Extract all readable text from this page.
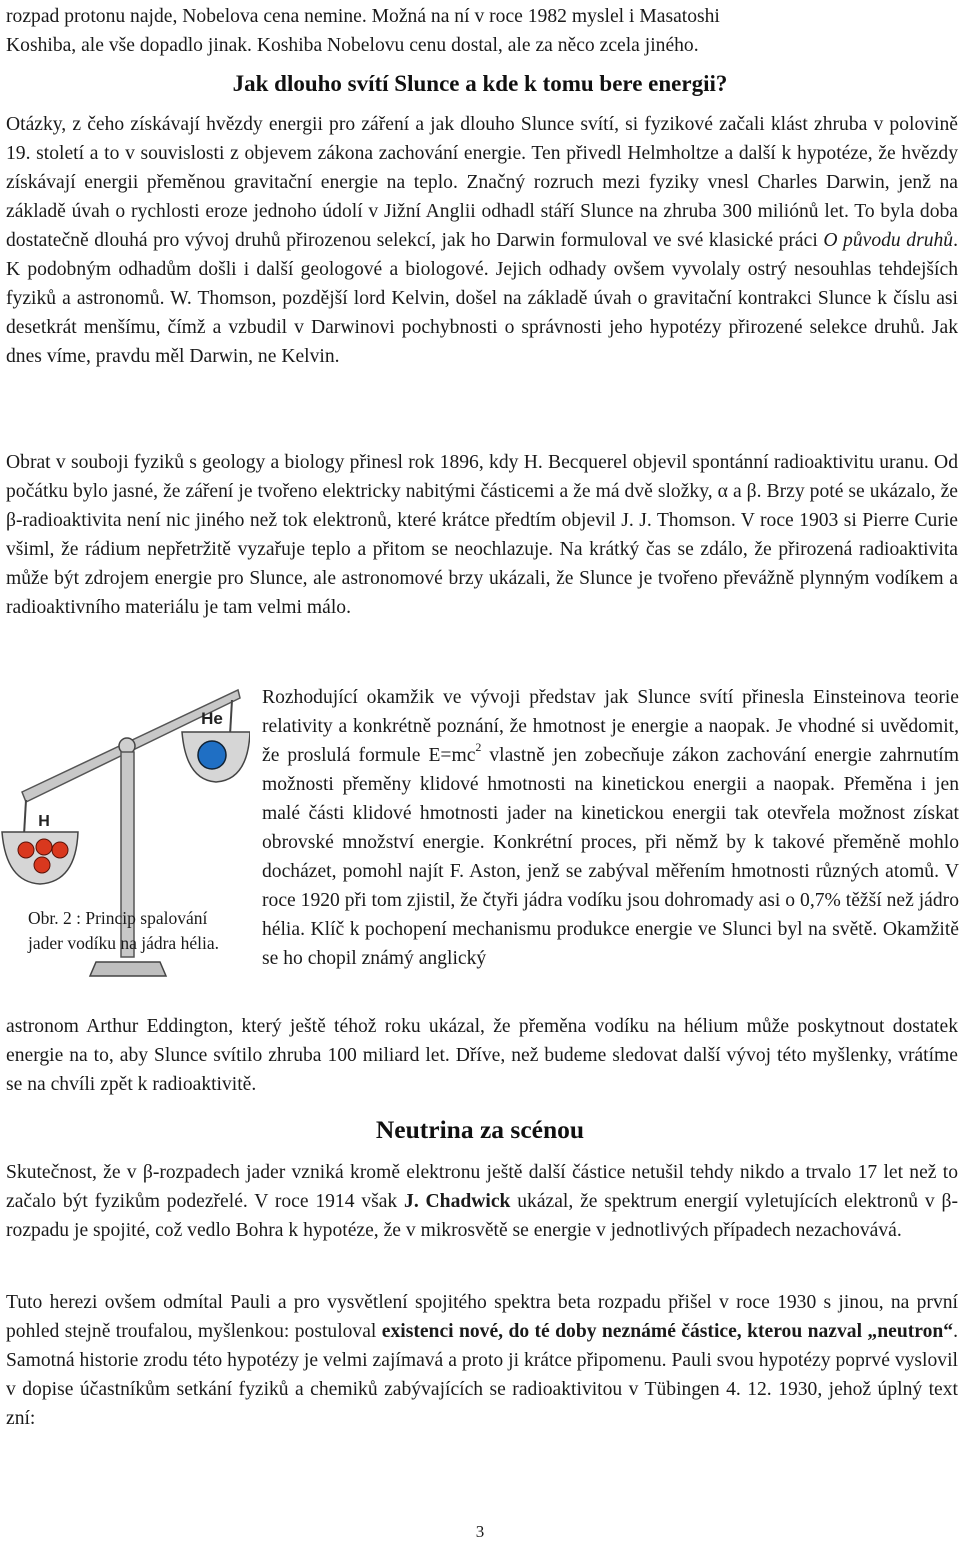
rozpad protonu najde, Nobelova cena nemine. Možná na ní v roce 1982 myslel i Masatoshi

Koshiba, ale vše dopadlo jinak. Koshiba Nobelovu cenu dostal, ale za něco zcela jiného.

Jak dlouho svítí Slunce a kde k tomu bere energii?

Otázky, z čeho získávají hvězdy energii pro záření a jak dlouho Slunce svítí, si fyzikové začali klást zhruba v polovině 19. století a to v souvislosti z objevem zákona zachování energie. Ten přivedl Helmholtze a další k hypotéze, že hvězdy získávají energii přeměnou gravitační energie na teplo. Značný rozruch mezi fyziky vnesl Charles Darwin, jenž na základě úvah o rychlosti eroze jednoho údolí v Jižní Anglii odhadl stáří Slunce na zhruba 300 miliónů let. To byla doba dostatečně dlouhá pro vývoj druhů přirozenou selekcí, jak ho Darwin formuloval ve své klasické práci O původu druhů. K podobným odhadům došli i další geologové a biologové. Jejich odhady ovšem vyvolaly ostrý nesouhlas tehdejších fyziků a astronomů. W. Thomson, pozdější lord Kelvin, došel na základě úvah o gravitační kontrakci Slunce k číslu asi desetkrát menšímu, čímž a vzbudil v Darwinovi pochybnosti o správnosti jeho hypotézy přirozené selekce druhů. Jak dnes víme, pravdu měl Darwin, ne Kelvin.

Obrat v souboji fyziků s geology a biology přinesl rok 1896, kdy H. Becquerel objevil spontánní radioaktivitu uranu. Od počátku bylo jasné, že záření je tvořeno elektricky nabitými částicemi a že má dvě složky, α a β. Brzy poté se ukázalo, že β-radioaktivita není nic jiného než tok elektronů, které krátce předtím objevil J. J. Thomson. V roce 1903 si Pierre Curie všiml, že rádium nepřetržitě vyzařuje teplo a přitom se neochlazuje. Na krátký čas se zdálo, že přirozená radioaktivita může být zdrojem energie pro Slunce, ale astronomové brzy ukázali, že Slunce je tvořeno převážně plynným vodíkem a radioaktivního materiálu je tam velmi málo.

He
H
Obr. 2 : Princip spalování jader vodíku na jádra hélia.

Rozhodující okamžik ve vývoji představ jak Slunce svítí přinesla Einsteinova teorie relativity a konkrétně poznání, že hmotnost je energie a naopak. Je vhodné si uvědomit, že proslulá formule $E=mc^2$ vlastně jen zobecňuje zákon zachování energie zahrnutím možnosti přeměny klidové hmotnosti na kinetickou energii a naopak. Přeměna i jen malé části klidové hmotnosti jader na kinetickou energii tak otevřela možnost získat obrovské množství energie. Konkrétní proces, při němž by k takové přeměně mohlo docházet, pomohl najít F. Aston, jenž se zabýval měřením hmotnosti různých atomů. V roce 1920 při tom zjistil, že čtyři jádra vodíku jsou dohromady asi o 0,7% těžší než jádro hélia. Klíč k pochopení mechanismu produkce energie ve Slunci byl na světě. Okamžitě se ho chopil známý anglický

astronom Arthur Eddington, který ještě téhož roku ukázal, že přeměna vodíku na hélium může poskytnout dostatek energie na to, aby Slunce svítilo zhruba 100 miliard let. Dříve, než budeme sledovat další vývoj této myšlenky, vrátíme se na chvíli zpět k radioaktivitě.

Neutrina za scénou

Skutečnost, že v β-rozpadech jader vzniká kromě elektronu ještě další částice netušil tehdy nikdo a trvalo 17 let než to začalo být fyzikům podezřelé. V roce 1914 však J. Chadwick ukázal, že spektrum energií vyletujících elektronů v β-rozpadu je spojité, což vedlo Bohra k hypotéze, že v mikrosvětě se energie v jednotlivých případech nezachovává.

Tuto herezi ovšem odmítal Pauli a pro vysvětlení spojitého spektra beta rozpadu přišel v roce 1930 s jinou, na první pohled stejně troufalou, myšlenkou: postuloval existenci nové, do té doby neznámé částice, kterou nazval „neutron“. Samotná historie zrodu této hypotézy je velmi zajímavá a proto ji krátce připomenu. Pauli svou hypotézy poprvé vyslovil v dopise účastníkům setkání fyziků a chemiků zabývajících se radioaktivitou v Tübingen 4. 12. 1930, jehož úplný text zní:

3
